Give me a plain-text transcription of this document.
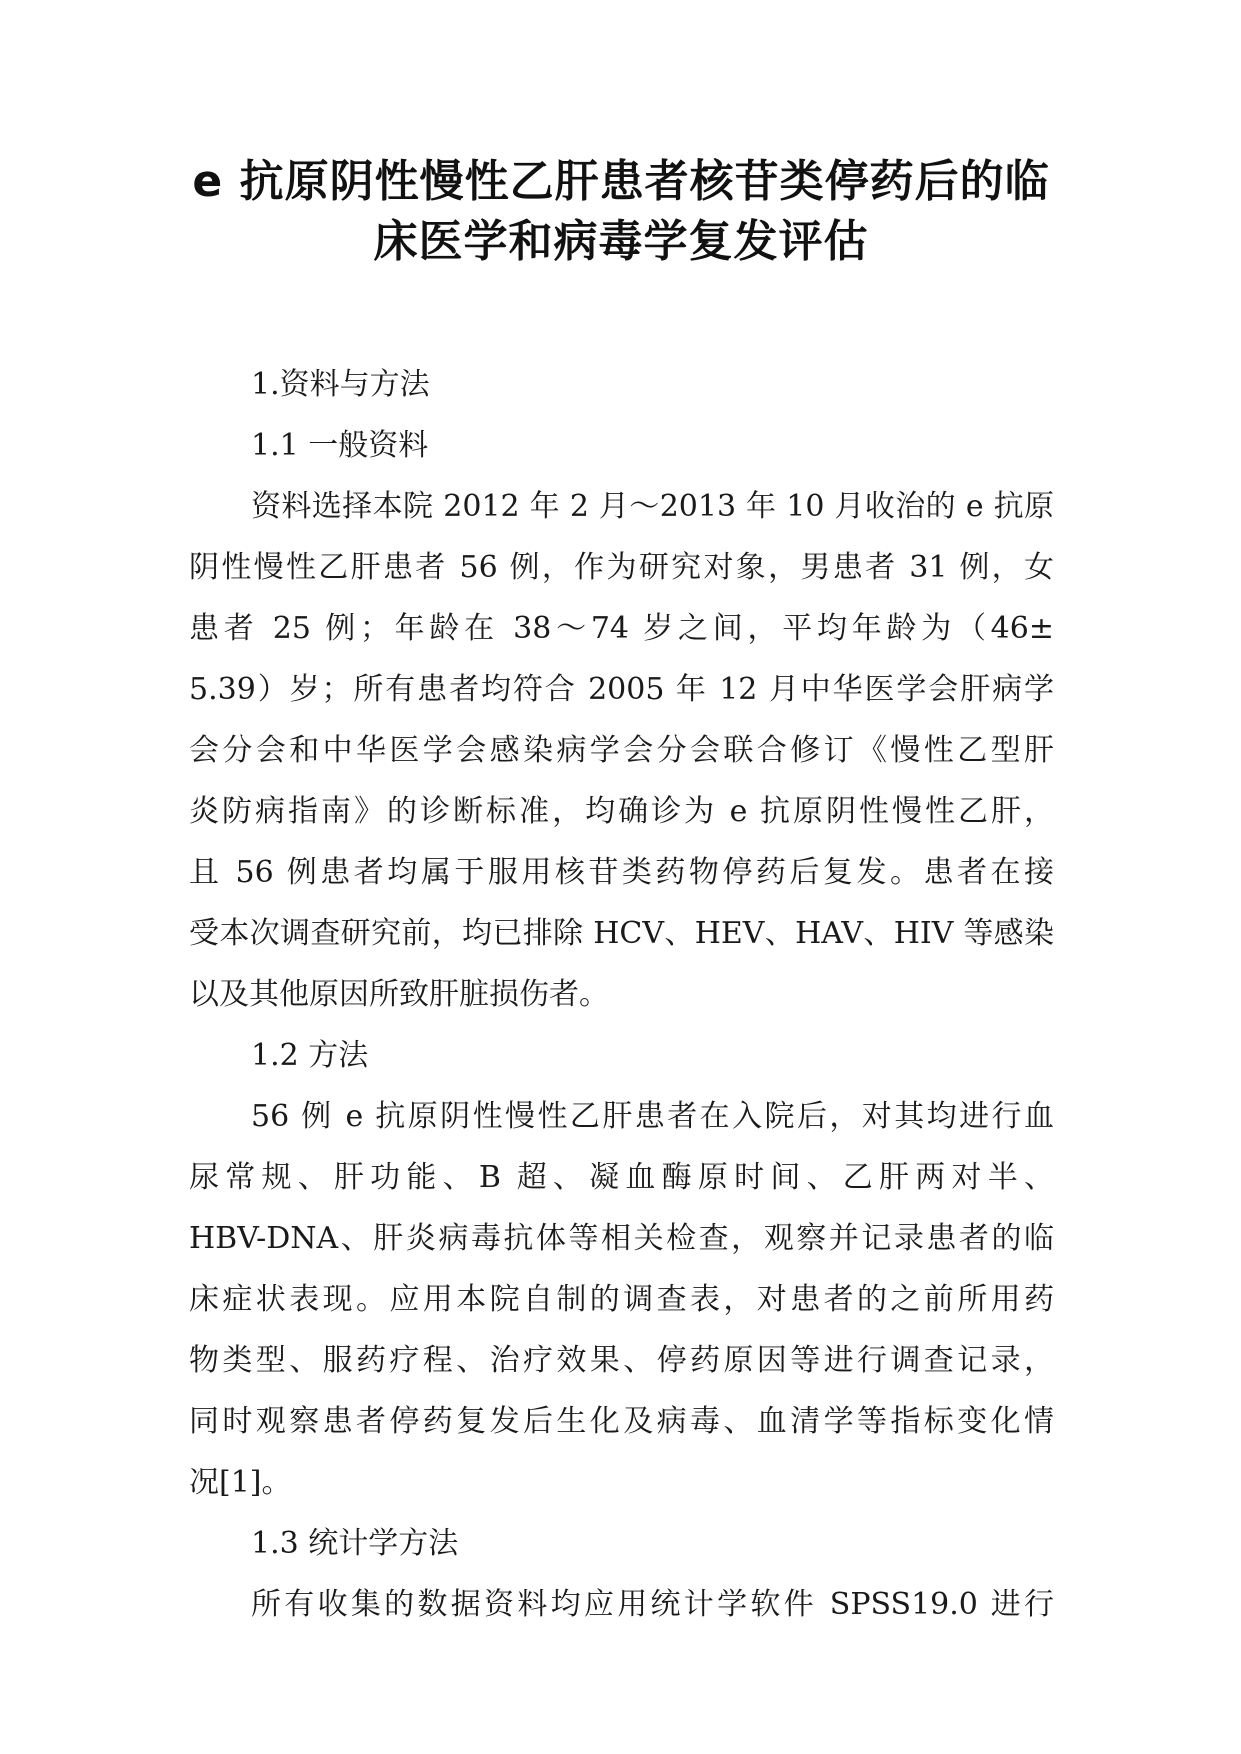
e 抗原阴性慢性乙肝患者核苷类停药后的临
床医学和病毒学复发评估
1.资料与方法
1.1 一般资料
资料选择本院 2012 年 2 月～2013 年 10 月收治的 e 抗原
阴性慢性乙肝患者 56 例，作为研究对象，男患者 31 例，女
患者 25 例；年龄在 38～74 岁之间，平均年龄为（46±
5.39）岁；所有患者均符合 2005 年 12 月中华医学会肝病学
会分会和中华医学会感染病学会分会联合修订《慢性乙型肝
炎防病指南》的诊断标准，均确诊为 e 抗原阴性慢性乙肝，
且 56 例患者均属于服用核苷类药物停药后复发。患者在接
受本次调查研究前，均已排除 HCV、HEV、HAV、HIV 等感染
以及其他原因所致肝脏损伤者。
1.2 方法
56 例 e 抗原阴性慢性乙肝患者在入院后，对其均进行血
尿常规、肝功能、B 超、凝血酶原时间、乙肝两对半、
HBV-DNA、肝炎病毒抗体等相关检查，观察并记录患者的临
床症状表现。应用本院自制的调查表，对患者的之前所用药
物类型、服药疗程、治疗效果、停药原因等进行调查记录，
同时观察患者停药复发后生化及病毒、血清学等指标变化情
况[1]。
1.3 统计学方法
所有收集的数据资料均应用统计学软件 SPSS19.0 进行
